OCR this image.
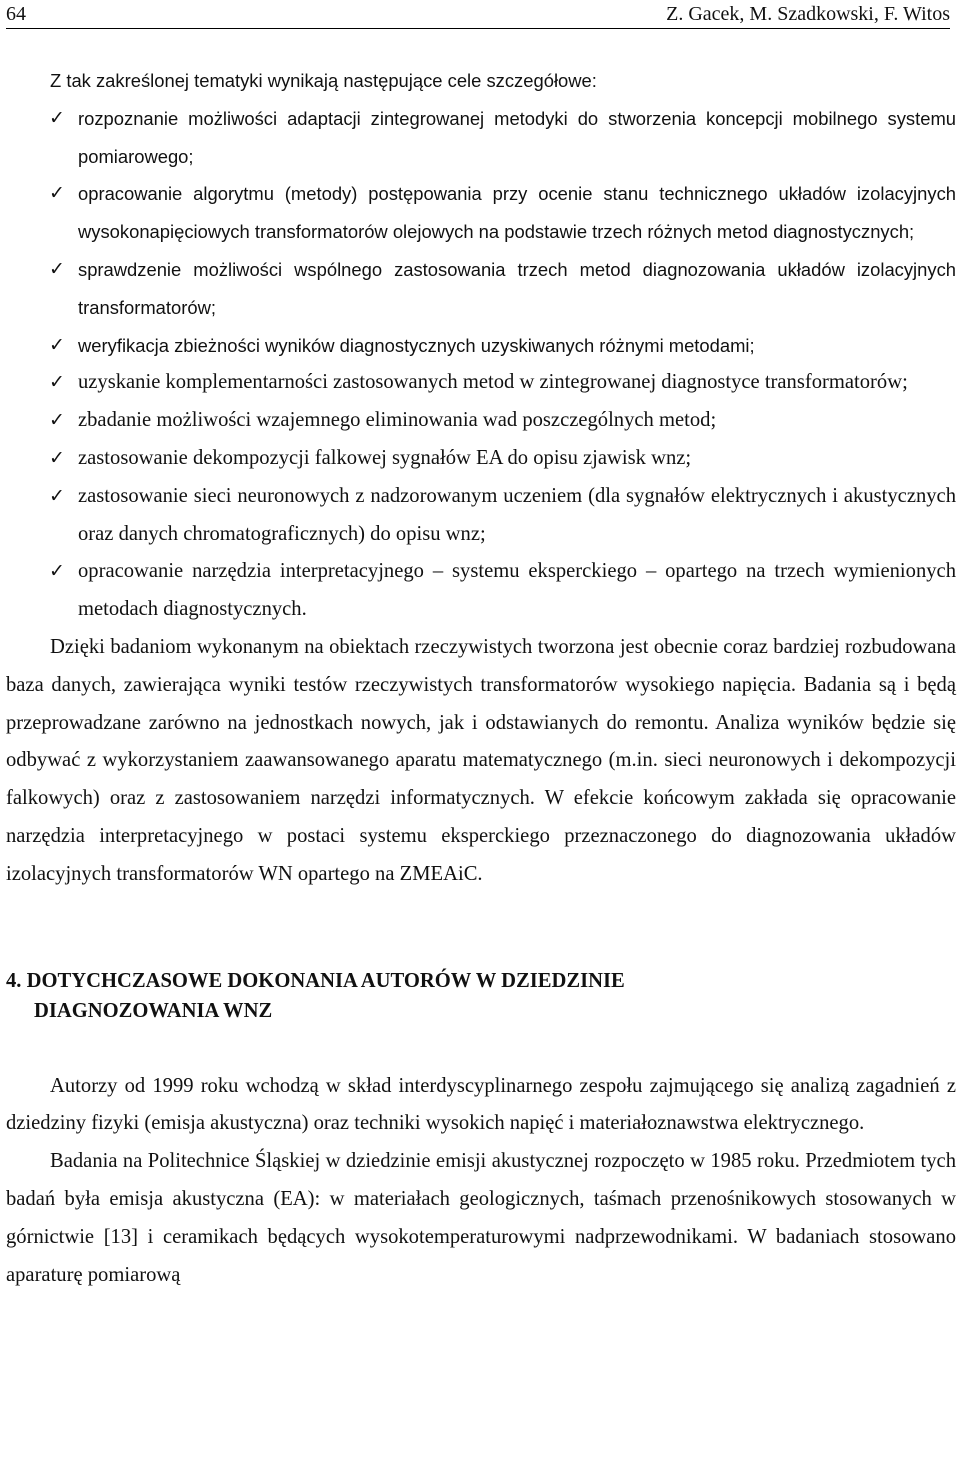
64	Z. Gacek, M. Szadkowski, F. Witos

Z tak zakreślonej tematyki wynikają następujące cele szczegółowe:

✓ rozpoznanie możliwości adaptacji zintegrowanej metodyki do stworzenia koncepcji mobilnego systemu pomiarowego;
✓ opracowanie algorytmu (metody) postępowania przy ocenie stanu technicznego układów izolacyjnych wysokonapięciowych transformatorów olejowych na podstawie trzech różnych metod diagnostycznych;
✓ sprawdzenie możliwości wspólnego zastosowania trzech metod diagnozowania układów izolacyjnych transformatorów;
✓ weryfikacja zbieżności wyników diagnostycznych uzyskiwanych różnymi metodami;
✓ uzyskanie komplementarności zastosowanych metod w zintegrowanej diagnostyce transformatorów;
✓ zbadanie możliwości wzajemnego eliminowania wad poszczególnych metod;
✓ zastosowanie dekompozycji falkowej sygnałów EA do opisu zjawisk wnz;
✓ zastosowanie sieci neuronowych z nadzorowanym uczeniem (dla sygnałów elektrycznych i akustycznych oraz danych chromatograficznych) do opisu wnz;
✓ opracowanie narzędzia interpretacyjnego – systemu eksperckiego – opartego na trzech wymienionych metodach diagnostycznych.

Dzięki badaniom wykonanym na obiektach rzeczywistych tworzona jest obecnie coraz bardziej rozbudowana baza danych, zawierająca wyniki testów rzeczywistych transformatorów wysokiego napięcia. Badania są i będą przeprowadzane zarówno na jednostkach nowych, jak i odstawianych do remontu. Analiza wyników będzie się odbywać z wykorzystaniem zaawansowanego aparatu matematycznego (m.in. sieci neuronowych i dekompozycji falkowych) oraz z zastosowaniem narzędzi informatycznych. W efekcie końcowym zakłada się opracowanie narzędzia interpretacyjnego w postaci systemu eksperckiego przeznaczonego do diagnozowania układów izolacyjnych transformatorów WN opartego na ZMEAiC.

4. DOTYCHCZASOWE DOKONANIA AUTORÓW W DZIEDZINIE
DIAGNOZOWANIA WNZ

Autorzy od 1999 roku wchodzą w skład interdyscyplinarnego zespołu zajmującego się analizą zagadnień z dziedziny fizyki (emisja akustyczna) oraz techniki wysokich napięć i materiałoznawstwa elektrycznego.

Badania na Politechnice Śląskiej w dziedzinie emisji akustycznej rozpoczęto w 1985 roku. Przedmiotem tych badań była emisja akustyczna (EA): w materiałach geologicznych, taśmach przenośnikowych stosowanych w górnictwie [13] i ceramikach będących wysokotemperaturowymi nadprzewodnikami. W badaniach stosowano aparaturę pomiarową
